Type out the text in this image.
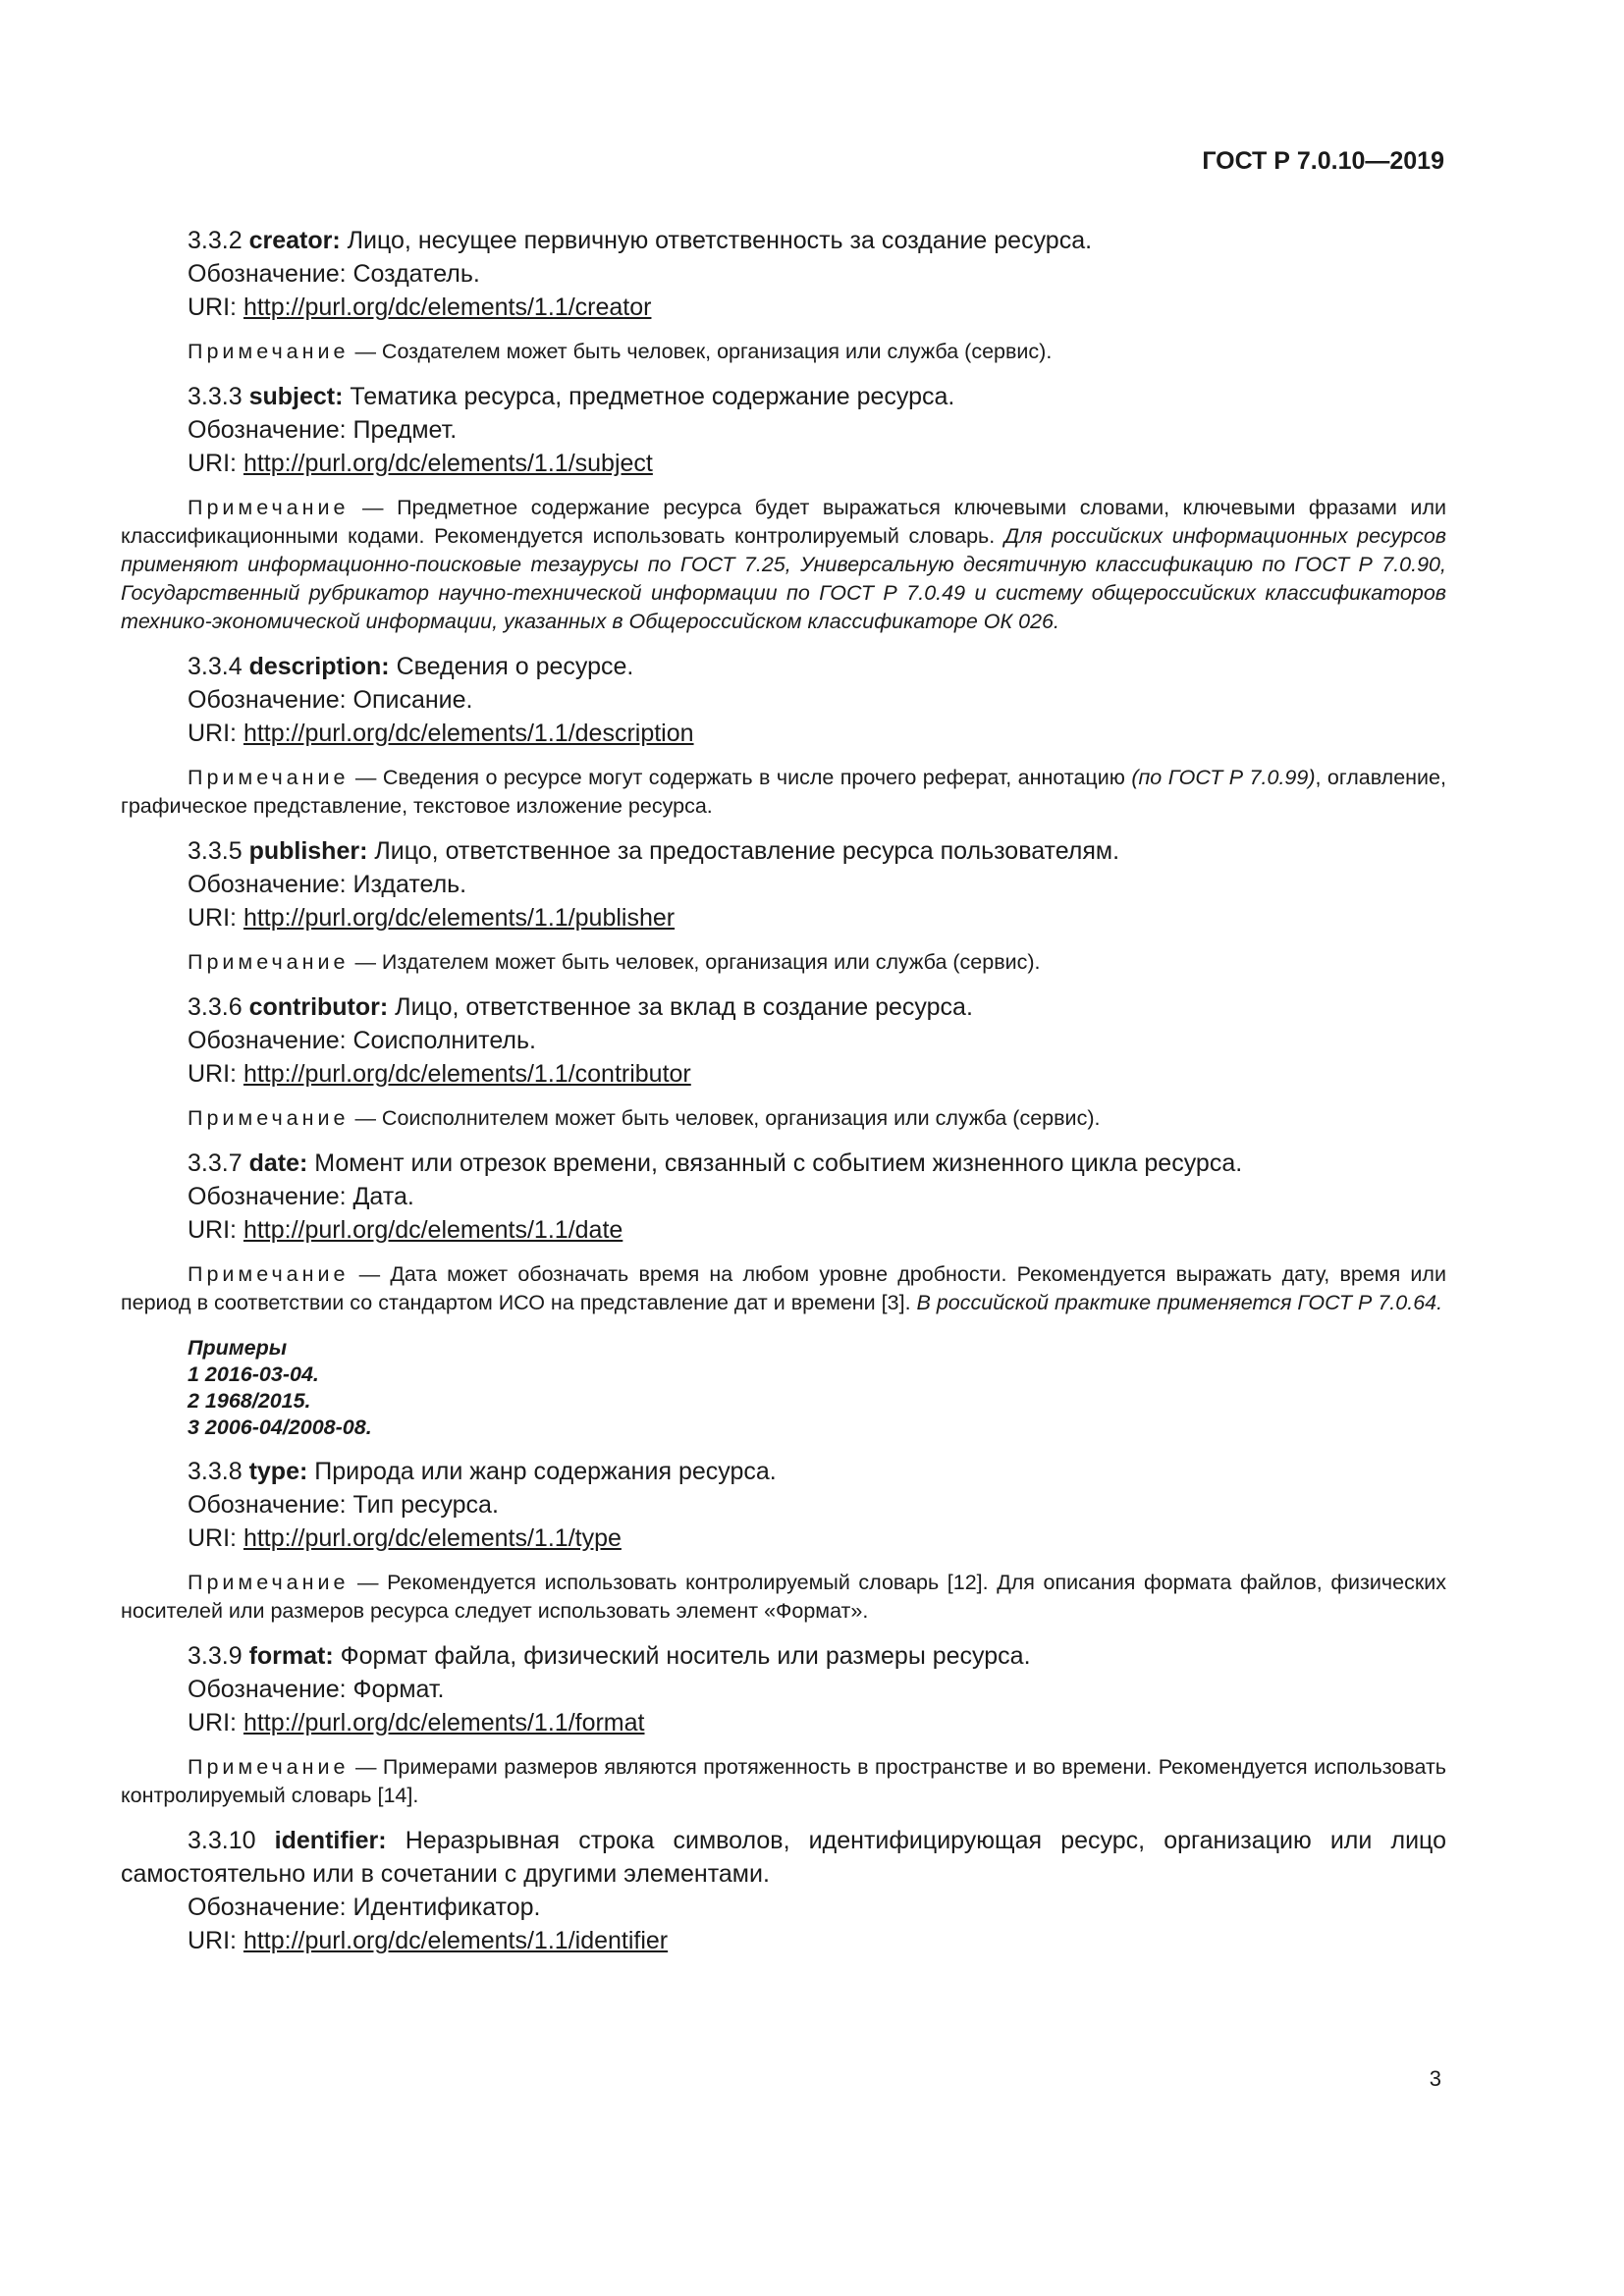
ГОСТ Р 7.0.10—2019
3.3.2 creator: Лицо, несущее первичную ответственность за создание ресурса.
Обозначение: Создатель.
URI: http://purl.org/dc/elements/1.1/creator
Примечание — Создателем может быть человек, организация или служба (сервис).
3.3.3 subject: Тематика ресурса, предметное содержание ресурса.
Обозначение: Предмет.
URI: http://purl.org/dc/elements/1.1/subject
Примечание — Предметное содержание ресурса будет выражаться ключевыми словами, ключевыми фразами или классификационными кодами. Рекомендуется использовать контролируемый словарь. Для российских информационных ресурсов применяют информационно-поисковые тезаурусы по ГОСТ 7.25, Универсальную десятичную классификацию по ГОСТ Р 7.0.90, Государственный рубрикатор научно-технической информации по ГОСТ Р 7.0.49 и систему общероссийских классификаторов технико-экономической информации, указанных в Общероссийском классификаторе ОК 026.
3.3.4 description: Сведения о ресурсе.
Обозначение: Описание.
URI: http://purl.org/dc/elements/1.1/description
Примечание — Сведения о ресурсе могут содержать в числе прочего реферат, аннотацию (по ГОСТ Р 7.0.99), оглавление, графическое представление, текстовое изложение ресурса.
3.3.5 publisher: Лицо, ответственное за предоставление ресурса пользователям.
Обозначение: Издатель.
URI: http://purl.org/dc/elements/1.1/publisher
Примечание — Издателем может быть человек, организация или служба (сервис).
3.3.6 contributor: Лицо, ответственное за вклад в создание ресурса.
Обозначение: Соисполнитель.
URI: http://purl.org/dc/elements/1.1/contributor
Примечание — Соисполнителем может быть человек, организация или служба (сервис).
3.3.7 date: Момент или отрезок времени, связанный с событием жизненного цикла ресурса.
Обозначение: Дата.
URI: http://purl.org/dc/elements/1.1/date
Примечание — Дата может обозначать время на любом уровне дробности. Рекомендуется выражать дату, время или период в соответствии со стандартом ИСО на представление дат и времени [3]. В российской практике применяется ГОСТ Р 7.0.64.
Примеры
1 2016-03-04.
2 1968/2015.
3 2006-04/2008-08.
3.3.8 type: Природа или жанр содержания ресурса.
Обозначение: Тип ресурса.
URI: http://purl.org/dc/elements/1.1/type
Примечание — Рекомендуется использовать контролируемый словарь [12]. Для описания формата файлов, физических носителей или размеров ресурса следует использовать элемент «Формат».
3.3.9 format: Формат файла, физический носитель или размеры ресурса.
Обозначение: Формат.
URI: http://purl.org/dc/elements/1.1/format
Примечание — Примерами размеров являются протяженность в пространстве и во времени. Рекомендуется использовать контролируемый словарь [14].
3.3.10 identifier: Неразрывная строка символов, идентифицирующая ресурс, организацию или лицо самостоятельно или в сочетании с другими элементами.
Обозначение: Идентификатор.
URI: http://purl.org/dc/elements/1.1/identifier
3
